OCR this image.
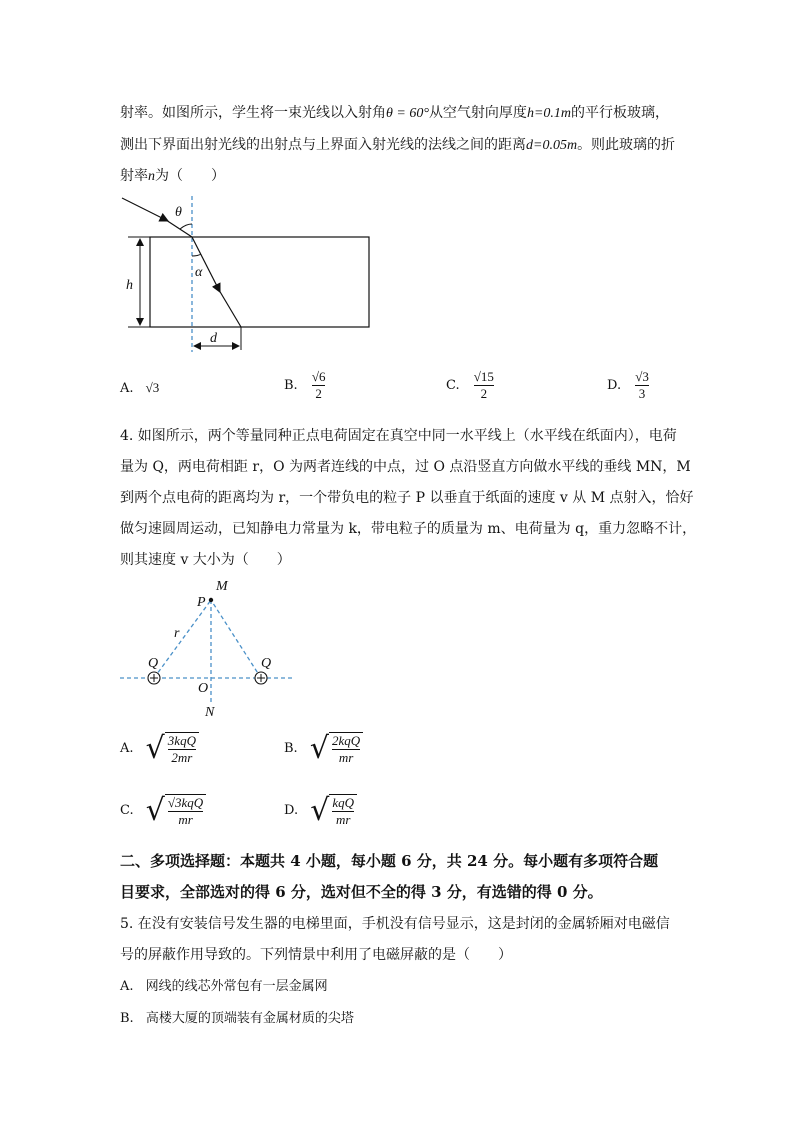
射率。如图所示，学生将一束光线以入射角θ = 60°从空气射向厚度h=0.1m的平行板玻璃，
测出下界面出射光线的出射点与上界面入射光线的法线之间的距离d=0.05m。则此玻璃的折
射率n为（　　）
θ
α
h
d
A. √3	B. $\frac{√6}{2}$	C. $\frac{√15}{2}$	D. $\frac{√3}{3}$
4. 如图所示，两个等量同种正点电荷固定在真空中同一水平线上（水平线在纸面内），电荷
量为 Q，两电荷相距 r，O 为两者连线的中点，过 O 点沿竖直方向做水平线的垂线 MN，M
到两个点电荷的距离均为 r，一个带负电的粒子 P 以垂直于纸面的速度 v 从 M 点射入，恰好
做匀速圆周运动，已知静电力常量为 k，带电粒子的质量为 m、电荷量为 q，重力忽略不计，
则其速度 v 大小为（　　）
M
P
r
Q	Q
O
N
A. √ $\frac{\text{3kqQ}}{2mr}$	B. √ $\frac{\text{2kqQ}}{mr}$
C. √ $\frac{\text{√3kqQ}}{mr}$	D. √ $\frac{\text{kqQ}}{mr}$
二、多项选择题：本题共 4 小题，每小题 6 分，共 24 分。每小题有多项符合题
目要求，全部选对的得 6 分，选对但不全的得 3 分，有选错的得 0 分。
5. 在没有安装信号发生器的电梯里面，手机没有信号显示，这是封闭的金属轿厢对电磁信
号的屏蔽作用导致的。下列情景中利用了电磁屏蔽的是（　　）
A. 网线的线芯外常包有一层金属网
B. 高楼大厦的顶端装有金属材质的尖塔
